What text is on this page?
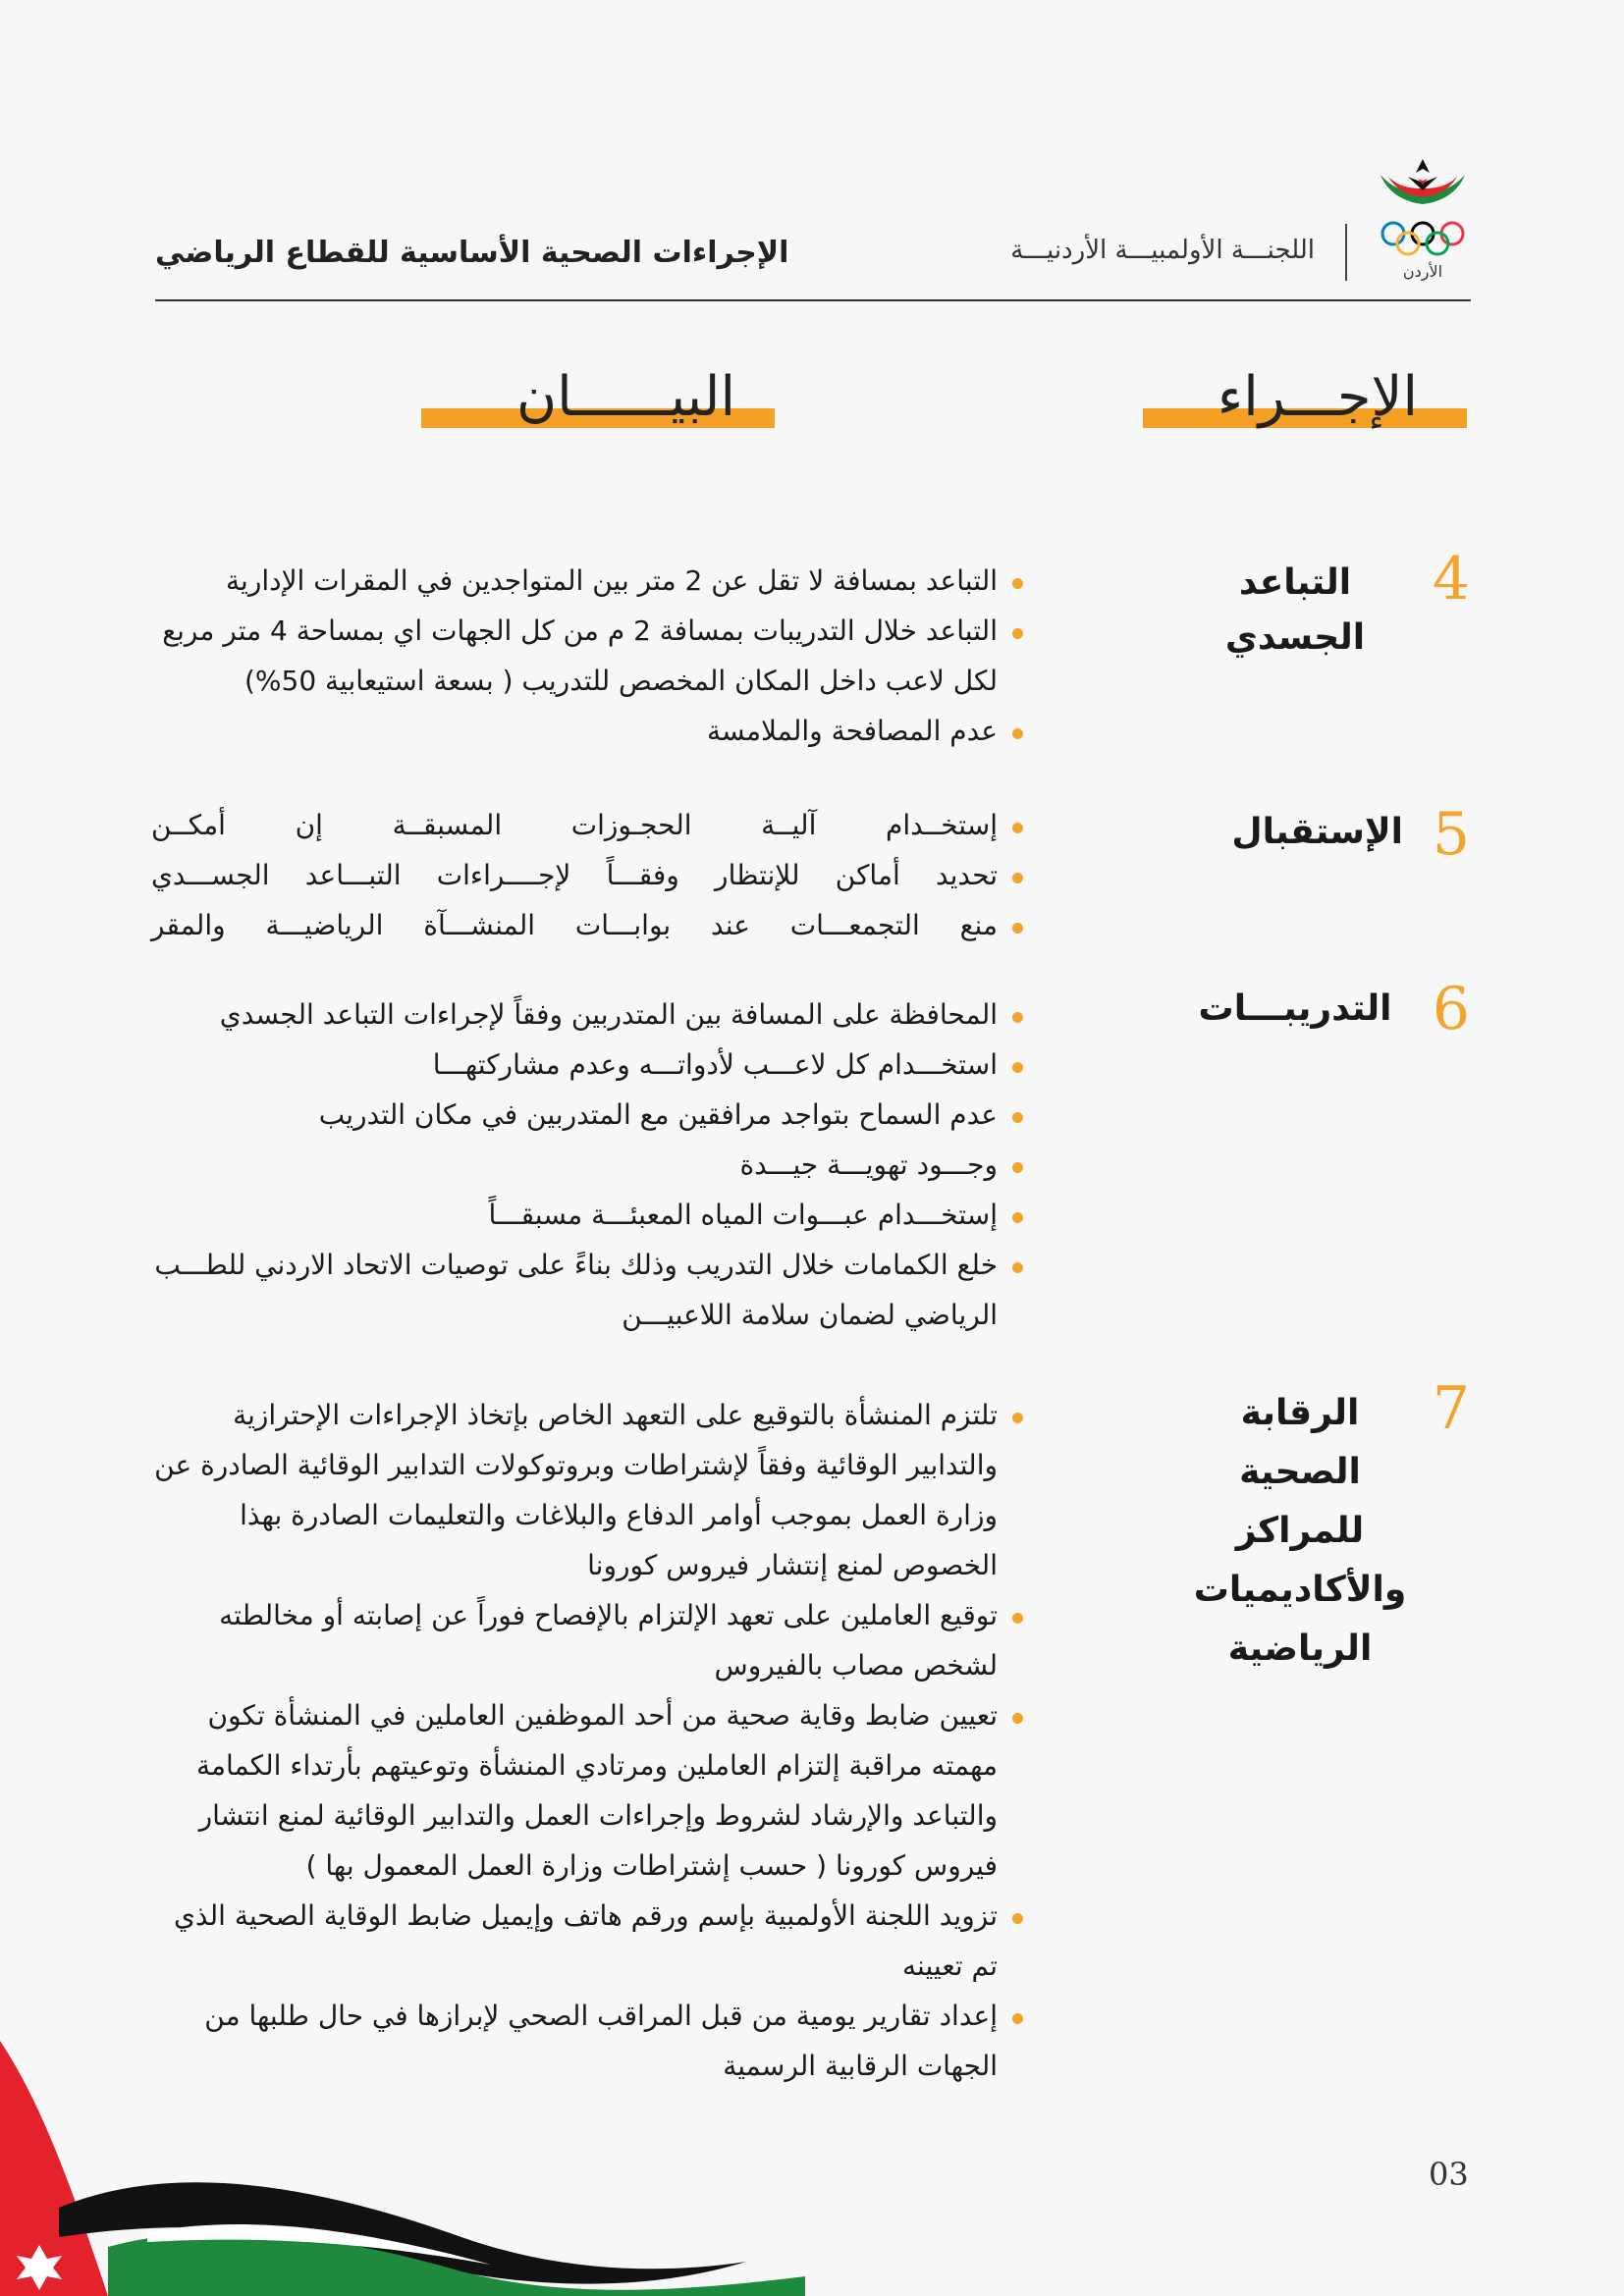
الأردن
اللجنـــة الأولمبيـــة الأردنيـــة
الإجراءات الصحية الأساسية للقطاع الرياضي
الإجـــراء
البيــــــان
4
التباعد
الجسدي
التباعد بمسافة لا تقل عن 2 متر بين المتواجدين في المقرات الإدارية
التباعد خلال التدريبات بمسافة 2 م من كل الجهات اي بمساحة 4 متر مربع لكل لاعب داخل المكان المخصص للتدريب ( بسعة استيعابية 50%)
عدم المصافحة والملامسة
5
الإستقبال
إستخــدام آليــة الحجـوزات المسبقــة إن أمكــن
تحديد أماكن للإنتظار وفقـــاً لإجــــراءات التبـــاعد الجســـدي
منع التجمعـــات عند بوابـــات المنشـــآة الرياضيـــة والمقر
6
التدريبـــات
المحافظة على المسافة بين المتدربين وفقاً لإجراءات التباعد الجسدي
استخـــدام كل لاعـــب لأدواتـــه وعدم مشاركتهـــا
عدم السماح بتواجد مرافقين مع المتدربين في مكان التدريب
وجـــود تهويـــة جيـــدة
إستخـــدام عبـــوات المياه المعبئـــة مسبقـــاً
خلع الكمامات خلال التدريب وذلك بناءً على توصيات الاتحاد الاردني للطـــب الرياضي لضمان سلامة اللاعبيـــن
7
الرقابة الصحية
للمراكز
والأكاديميات
الرياضية
تلتزم المنشأة بالتوقيع على التعهد الخاص بإتخاذ الإجراءات الإحترازية والتدابير الوقائية وفقاً لإشتراطات وبروتوكولات التدابير الوقائية الصادرة عن وزارة العمل بموجب أوامر الدفاع والبلاغات والتعليمات الصادرة بهذا الخصوص لمنع إنتشار فيروس كورونا
توقيع العاملين على تعهد الإلتزام بالإفصاح فوراً عن إصابته أو مخالطته لشخص مصاب بالفيروس
تعيين ضابط وقاية صحية من أحد الموظفين العاملين في المنشأة تكون مهمته مراقبة إلتزام العاملين ومرتادي المنشأة وتوعيتهم بأرتداء الكمامة والتباعد والإرشاد لشروط وإجراءات العمل والتدابير الوقائية لمنع انتشار فيروس كورونا ( حسب إشتراطات وزارة العمل المعمول بها )
تزويد اللجنة الأولمبية بإسم ورقم هاتف وإيميل ضابط الوقاية الصحية الذي تم تعيينه
إعداد تقارير يومية من قبل المراقب الصحي لإبرازها في حال طلبها من الجهات الرقابية الرسمية
03
